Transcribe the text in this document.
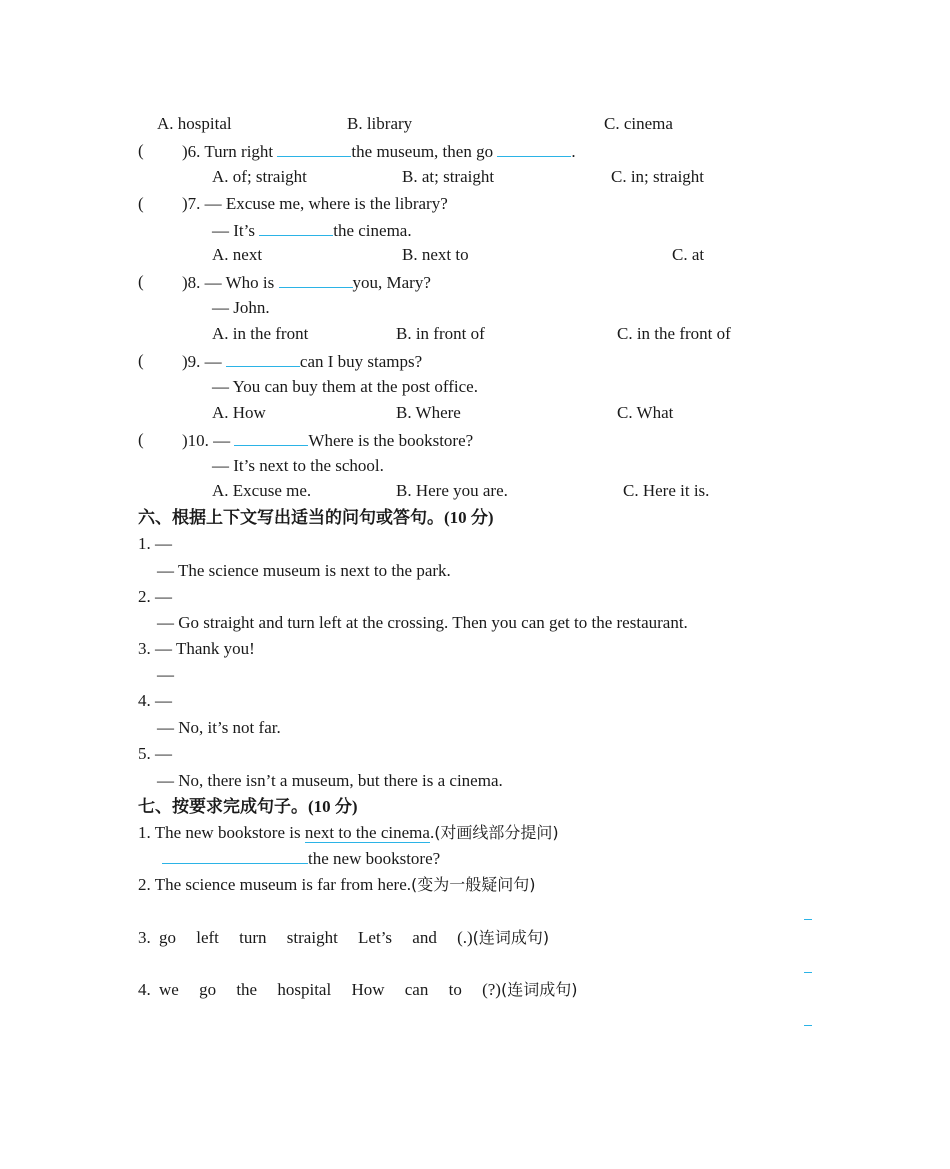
A. hospital	B. library	C. cinema
( )6. Turn right	the museum, then go	.
A. of; straight	B. at; straight	C. in; straight
( )7. — Excuse me, where is the library?
— It’s	the cinema.
A. next	B. next to	C. at
( )8. — Who is	you, Mary?
— John.
A. in the front	B. in front of	C. in the front of
( )9. —	can I buy stamps?
— You can buy them at the post office.
A. How	B. Where	C. What
( )10. —	Where is the bookstore?
— It’s next to the school.
A. Excuse me.	B. Here you are.	C. Here it is.
六、根据上下文写出适当的问句或答句。(10 分)
1. —
— The science museum is next to the park.
2. —
— Go straight and turn left at the crossing. Then you can get to the restaurant.
3. — Thank you!
—
4. —
— No, it’s not far.
5. —
— No, there isn’t a museum, but there is a cinema.
七、按要求完成句子。(10 分)
1. The new bookstore is next to the cinema.(对画线部分提问)
the new bookstore?
2. The science museum is far from here.(变为一般疑问句)
3. go left turn straight Let’s and (.)(连词成句)
4. we go the hospital How can to (?)(连词成句)
